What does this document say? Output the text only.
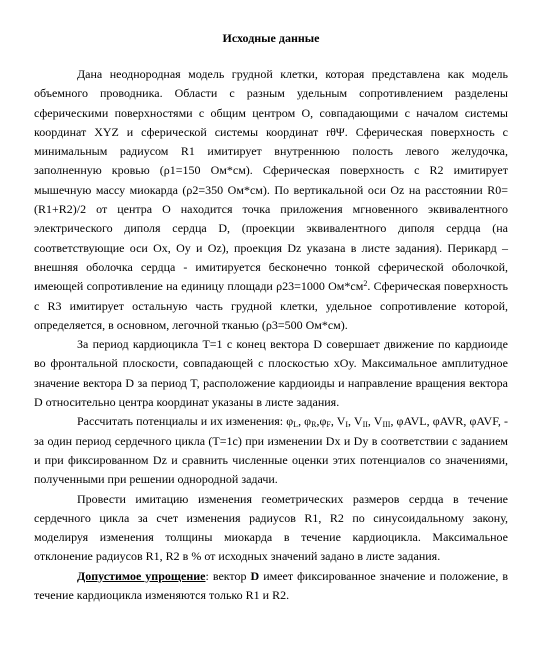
Исходные данные

Дана неоднородная модель грудной клетки, которая представлена как модель объемного проводника. Области с разным удельным сопротивлением разделены сферическими поверхностями с общим центром O, совпадающими с началом системы координат XYZ и сферической системы координат rθΨ. Сферическая поверхность с минимальным радиусом R1 имитирует внутреннюю полость левого желудочка, заполненную кровью (ρ1=150 Ом*см). Сферическая поверхность с R2 имитирует мышечную массу миокарда (ρ2=350 Ом*см). По вертикальной оси Oz на расстоянии R0=(R1+R2)/2 от центра O находится точка приложения мгновенного эквивалентного электрического диполя сердца D, (проекции эквивалентного диполя сердца (на соответствующие оси Ox, Oy и Oz), проекция Dz указана в листе задания). Перикард – внешняя оболочка сердца - имитируется бесконечно тонкой сферической оболочкой, имеющей сопротивление на единицу площади ρ23=1000 $Ом*см^2$. Сферическая поверхность с R3 имитирует остальную часть грудной клетки, удельное сопротивление которой, определяется, в основном, легочной тканью (ρ3=500 Ом*см).

За период кардиоцикла T=1 с конец вектора D совершает движение по кардиоиде во фронтальной плоскости, совпадающей с плоскостью xOy. Максимальное амплитудное значение вектора D за период T, расположение кардиоиды и направление вращения вектора D относительно центра координат указаны в листе задания.

Рассчитать потенциалы и их изменения: $\varphi_L$, $\varphi_R,\varphi_F$, $V_I$, $V_{II}$, $V_{III}$, φAVL, φAVR, φAVF, - за один период сердечного цикла (T=1c) при изменении Dx и Dy в соответствии с заданием и при фиксированном Dz и сравнить численные оценки этих потенциалов со значениями, полученными при решении однородной задачи.

Провести имитацию изменения геометрических размеров сердца в течение сердечного цикла за счет изменения радиусов R1, R2 по синусоидальному закону, моделируя изменения толщины миокарда в течение кардиоцикла. Максимальное отклонение радиусов R1, R2 в % от исходных значений задано в листе задания.

Допустимое упрощение: вектор D имеет фиксированное значение и положение, в течение кардиоцикла изменяются только R1 и R2.
